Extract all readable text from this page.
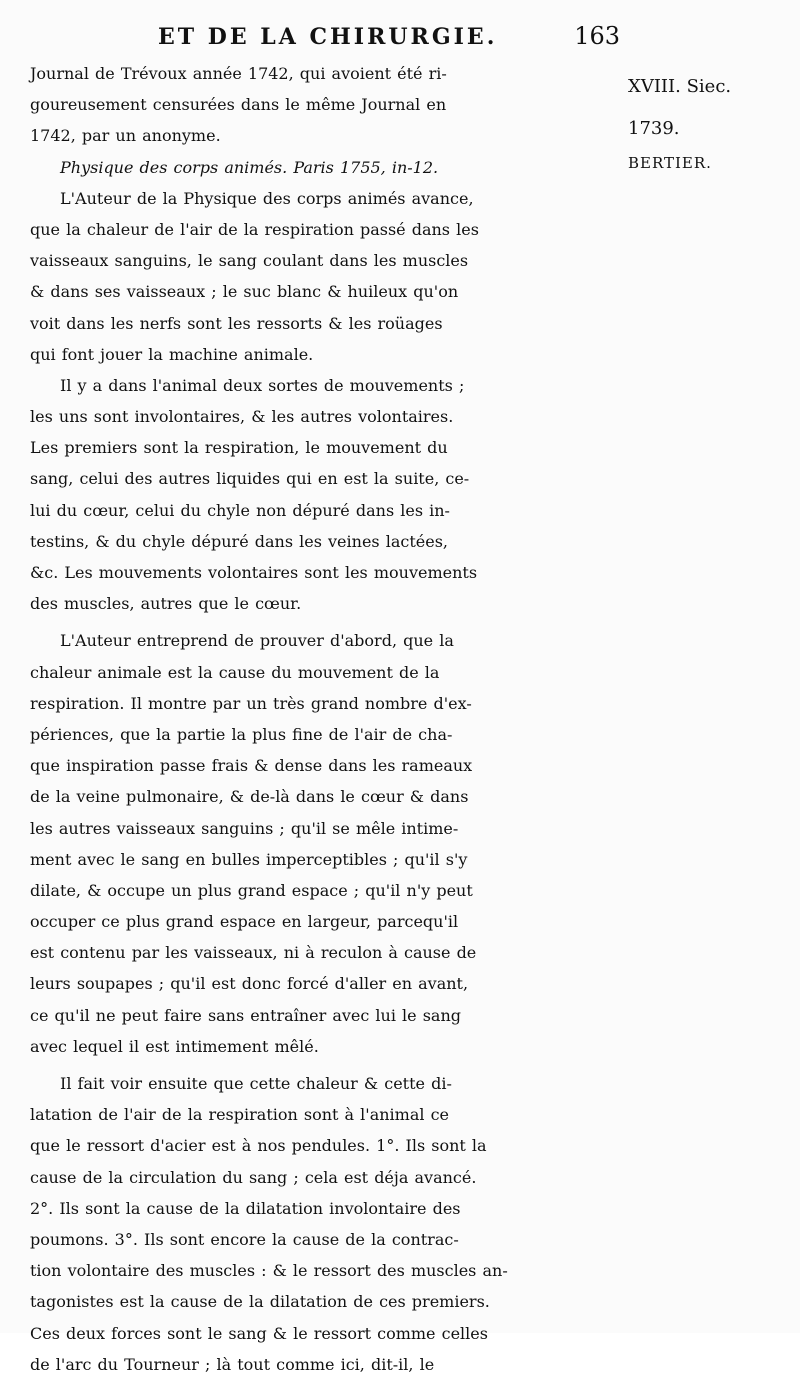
ET DE LA CHIRURGIE.	163
XVIII. Siec.
1739.
BERTIER.
Journal de Trévoux année 1742, qui avoient été ri-
goureusement censurées dans le même Journal en
1742, par un anonyme.
Physique des corps animés. Paris 1755, in-12.
L'Auteur de la Physique des corps animés avance,
que la chaleur de l'air de la respiration passé dans les
vaisseaux sanguins, le sang coulant dans les muscles
& dans ses vaisseaux ; le suc blanc & huileux qu'on
voit dans les nerfs sont les ressorts & les roüages
qui font jouer la machine animale.
Il y a dans l'animal deux sortes de mouvements ;
les uns sont involontaires, & les autres volontaires.
Les premiers sont la respiration, le mouvement du
sang, celui des autres liquides qui en est la suite, ce-
lui du cœur, celui du chyle non dépuré dans les in-
testins, & du chyle dépuré dans les veines lactées,
&c. Les mouvements volontaires sont les mouvements
des muscles, autres que le cœur.
L'Auteur entreprend de prouver d'abord, que la
chaleur animale est la cause du mouvement de la
respiration. Il montre par un très grand nombre d'ex-
périences, que la partie la plus fine de l'air de cha-
que inspiration passe frais & dense dans les rameaux
de la veine pulmonaire, & de-là dans le cœur & dans
les autres vaisseaux sanguins ; qu'il se mêle intime-
ment avec le sang en bulles imperceptibles ; qu'il s'y
dilate, & occupe un plus grand espace ; qu'il n'y peut
occuper ce plus grand espace en largeur, parcequ'il
est contenu par les vaisseaux, ni à reculon à cause de
leurs soupapes ; qu'il est donc forcé d'aller en avant,
ce qu'il ne peut faire sans entraîner avec lui le sang
avec lequel il est intimement mêlé.
Il fait voir ensuite que cette chaleur & cette di-
latation de l'air de la respiration sont à l'animal ce
que le ressort d'acier est à nos pendules. 1°. Ils sont la
cause de la circulation du sang ; cela est déja avancé.
2°. Ils sont la cause de la dilatation involontaire des
poumons. 3°. Ils sont encore la cause de la contrac-
tion volontaire des muscles : & le ressort des muscles an-
tagonistes est la cause de la dilatation de ces premiers.
Ces deux forces sont le sang & le ressort comme celles
de l'arc du Tourneur ; là tout comme ici, dit-il, le
